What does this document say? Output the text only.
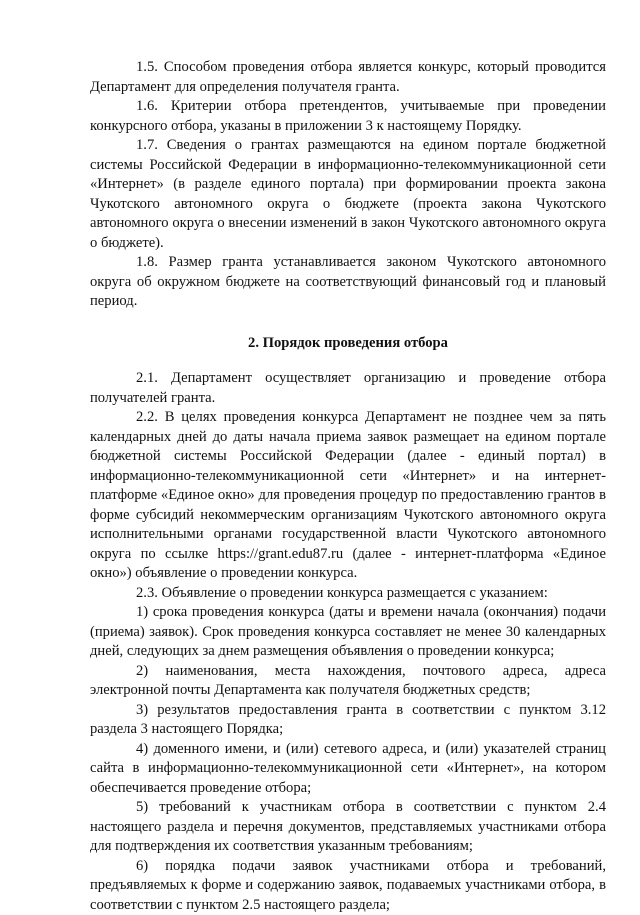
1.5. Способом проведения отбора является конкурс, который проводится Департамент для определения получателя гранта.

1.6. Критерии отбора претендентов, учитываемые при проведении конкурсного отбора, указаны в приложении 3 к настоящему Порядку.

1.7. Сведения о грантах размещаются на едином портале бюджетной системы Российской Федерации в информационно-телекоммуникационной сети «Интернет» (в разделе единого портала) при формировании проекта закона Чукотского автономного округа о бюджете (проекта закона Чукотского автономного округа о внесении изменений в закон Чукотского автономного округа о бюджете).

1.8. Размер гранта устанавливается законом Чукотского автономного округа об окружном бюджете на соответствующий финансовый год и плановый период.

2. Порядок проведения отбора

2.1. Департамент осуществляет организацию и проведение отбора получателей гранта.

2.2. В целях проведения конкурса Департамент не позднее чем за пять календарных дней до даты начала приема заявок размещает на едином портале бюджетной системы Российской Федерации (далее - единый портал) в информационно-телекоммуникационной сети «Интернет» и на интернет-платформе «Единое окно» для проведения процедур по предоставлению грантов в форме субсидий некоммерческим организациям Чукотского автономного округа исполнительными органами государственной власти Чукотского автономного округа по ссылке https://grant.edu87.ru (далее - интернет-платформа «Единое окно») объявление о проведении конкурса.

2.3. Объявление о проведении конкурса размещается с указанием:

1) срока проведения конкурса (даты и времени начала (окончания) подачи (приема) заявок). Срок проведения конкурса составляет не менее 30 календарных дней, следующих за днем размещения объявления о проведении конкурса;

2) наименования, места нахождения, почтового адреса, адреса электронной почты Департамента как получателя бюджетных средств;

3) результатов предоставления гранта в соответствии с пунктом 3.12 раздела 3 настоящего Порядка;

4) доменного имени, и (или) сетевого адреса, и (или) указателей страниц сайта в информационно-телекоммуникационной сети «Интернет», на котором обеспечивается проведение отбора;

5) требований к участникам отбора в соответствии с пунктом 2.4 настоящего раздела и перечня документов, представляемых участниками отбора для подтверждения их соответствия указанным требованиям;

6) порядка подачи заявок участниками отбора и требований, предъявляемых к форме и содержанию заявок, подаваемых участниками отбора, в соответствии с пунктом 2.5 настоящего раздела;
